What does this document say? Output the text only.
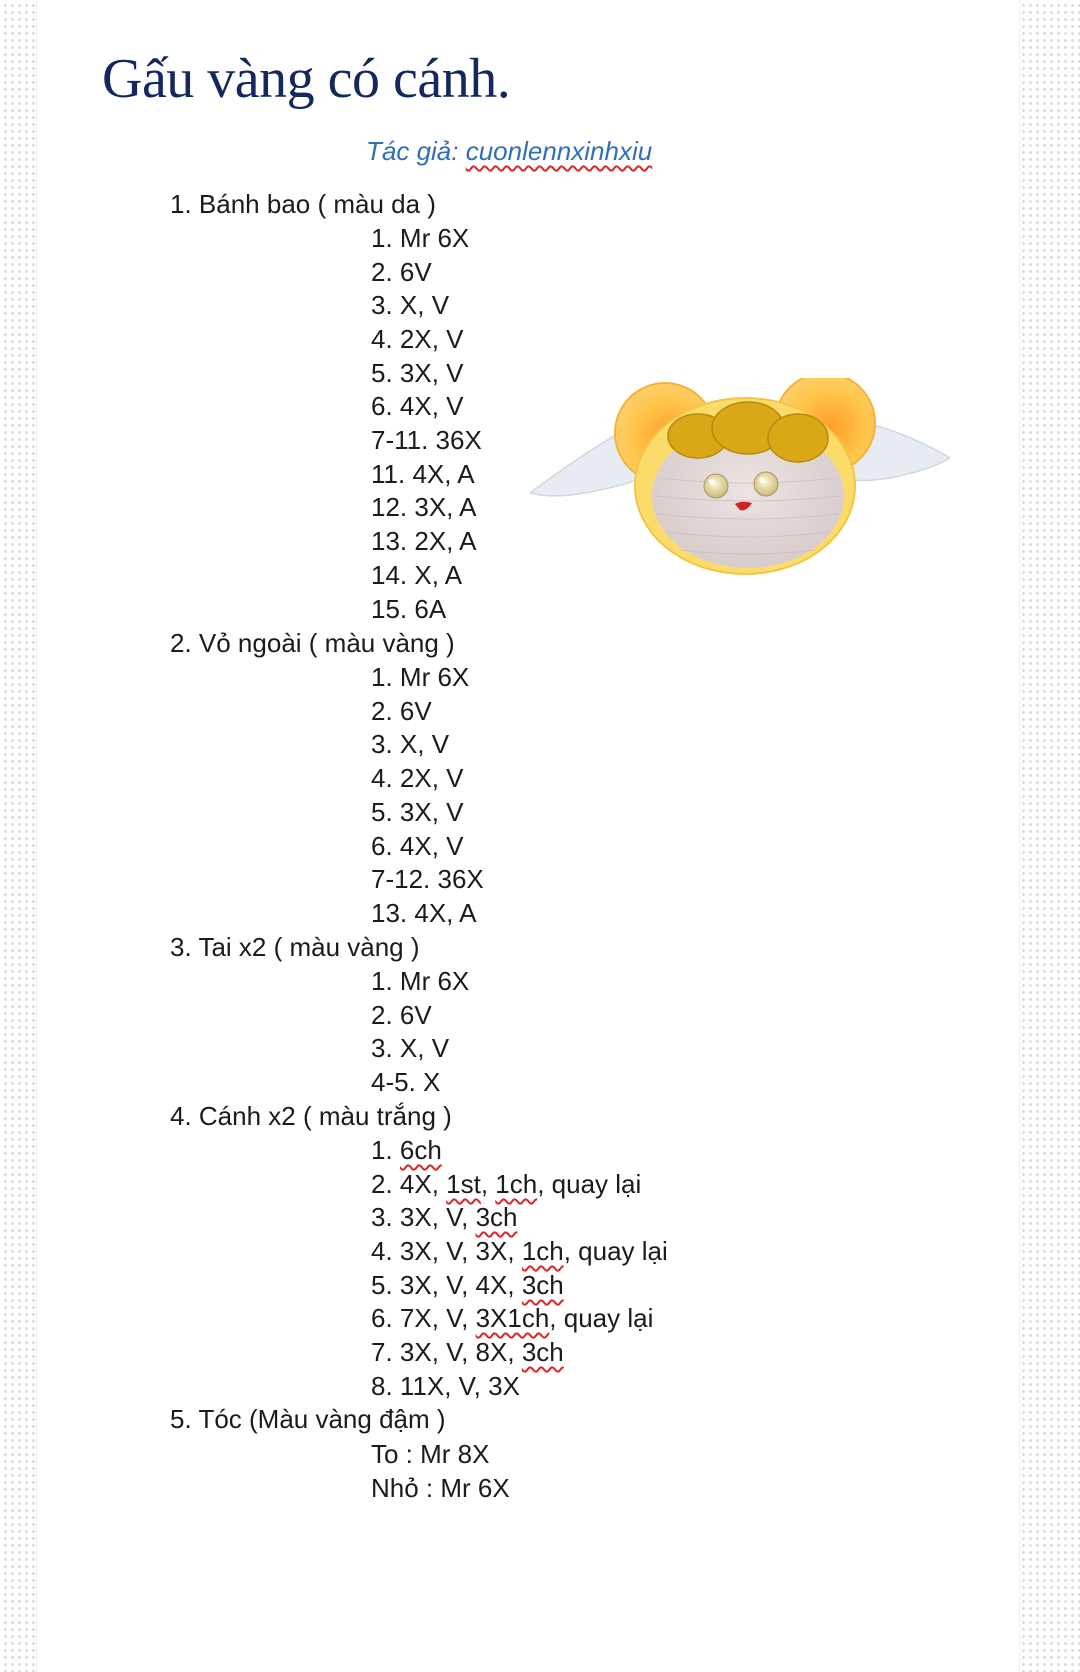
Gấu vàng có cánh.
Tác giả: cuonlennxinhxiu
1. Bánh bao ( màu da )
1. Mr 6X
2. 6V
3. X, V
4. 2X, V
5. 3X, V
6. 4X, V
7-11. 36X
11. 4X, A
12. 3X, A
13. 2X, A
14. X, A
15. 6A
2. Vỏ ngoài ( màu vàng )
1. Mr 6X
2. 6V
3. X, V
4. 2X, V
5. 3X, V
6. 4X, V
7-12. 36X
13. 4X, A
3. Tai x2 ( màu vàng )
1. Mr 6X
2. 6V
3. X, V
4-5. X
4. Cánh x2 ( màu trắng )
1. 6ch
2. 4X, 1st, 1ch, quay lại
3. 3X, V, 3ch
4. 3X, V, 3X, 1ch, quay lại
5. 3X, V, 4X, 3ch
6. 7X, V, 3X1ch, quay lại
7. 3X, V, 8X, 3ch
8. 11X, V, 3X
5. Tóc (Màu vàng đậm )
To : Mr 8X
Nhỏ : Mr 6X
